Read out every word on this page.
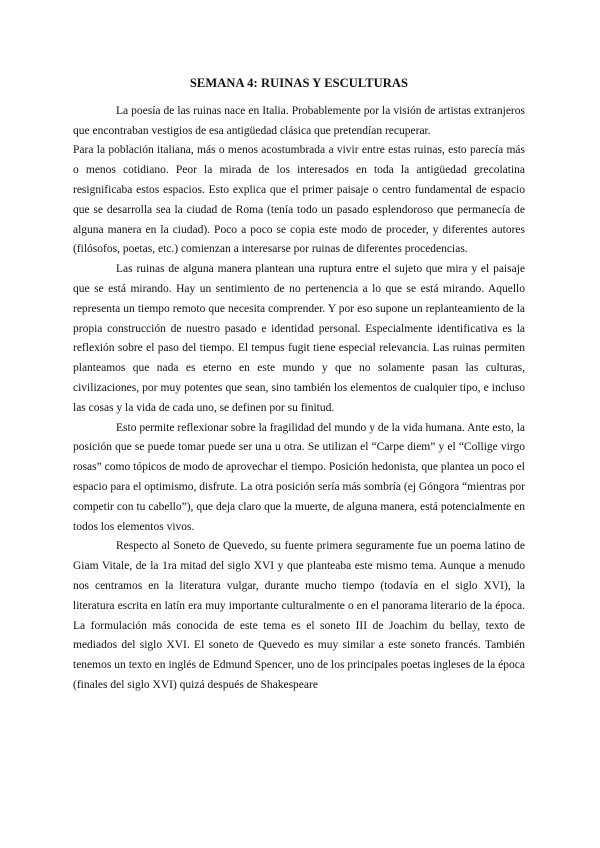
SEMANA 4: RUINAS Y ESCULTURAS

La poesía de las ruinas nace en Italia. Probablemente por la visión de artistas extranjeros que encontraban vestigios de esa antigüedad clásica que pretendían recuperar.

Para la población italiana, más o menos acostumbrada a vivir entre estas ruinas, esto parecía más o menos cotidiano. Peor la mirada de los interesados en toda la antigüedad grecolatina resignificaba estos espacios. Esto explica que el primer paisaje o centro fundamental de espacio que se desarrolla sea la ciudad de Roma (tenía todo un pasado esplendoroso que permanecía de alguna manera en la ciudad). Poco a poco se copia este modo de proceder, y diferentes autores (filósofos, poetas, etc.) comienzan a interesarse por ruinas de diferentes procedencias.

Las ruinas de alguna manera plantean una ruptura entre el sujeto que mira y el paisaje que se está mirando. Hay un sentimiento de no pertenencia a lo que se está mirando. Aquello representa un tiempo remoto que necesita comprender. Y por eso supone un replanteamiento de la propia construcción de nuestro pasado e identidad personal. Especialmente identificativa es la reflexión sobre el paso del tiempo. El tempus fugit tiene especial relevancia. Las ruinas permiten planteamos que nada es eterno en este mundo y que no solamente pasan las culturas, civilizaciones, por muy potentes que sean, sino también los elementos de cualquier tipo, e incluso las cosas y la vida de cada uno, se definen por su finitud.

Esto permite reflexionar sobre la fragilidad del mundo y de la vida humana. Ante esto, la posición que se puede tomar puede ser una u otra. Se utilizan el “Carpe diem” y el “Collige virgo rosas” como tópicos de modo de aprovechar el tiempo. Posición hedonista, que plantea un poco el espacio para el optimismo, disfrute. La otra posición sería más sombría (ej Góngora “mientras por competir con tu cabello”), que deja claro que la muerte, de alguna manera, está potencialmente en todos los elementos vivos.

Respecto al Soneto de Quevedo, su fuente primera seguramente fue un poema latino de Giam Vitale, de la 1ra mitad del siglo XVI y que planteaba este mismo tema. Aunque a menudo nos centramos en la literatura vulgar, durante mucho tiempo (todavía en el siglo XVI), la literatura escrita en latín era muy importante culturalmente o en el panorama literario de la época. La formulación más conocida de este tema es el soneto III de Joachim du bellay, texto de mediados del siglo XVI. El soneto de Quevedo es muy similar a este soneto francés. También tenemos un texto en inglés de Edmund Spencer, uno de los principales poetas ingleses de la época (finales del siglo XVI) quizá después de Shakespeare
